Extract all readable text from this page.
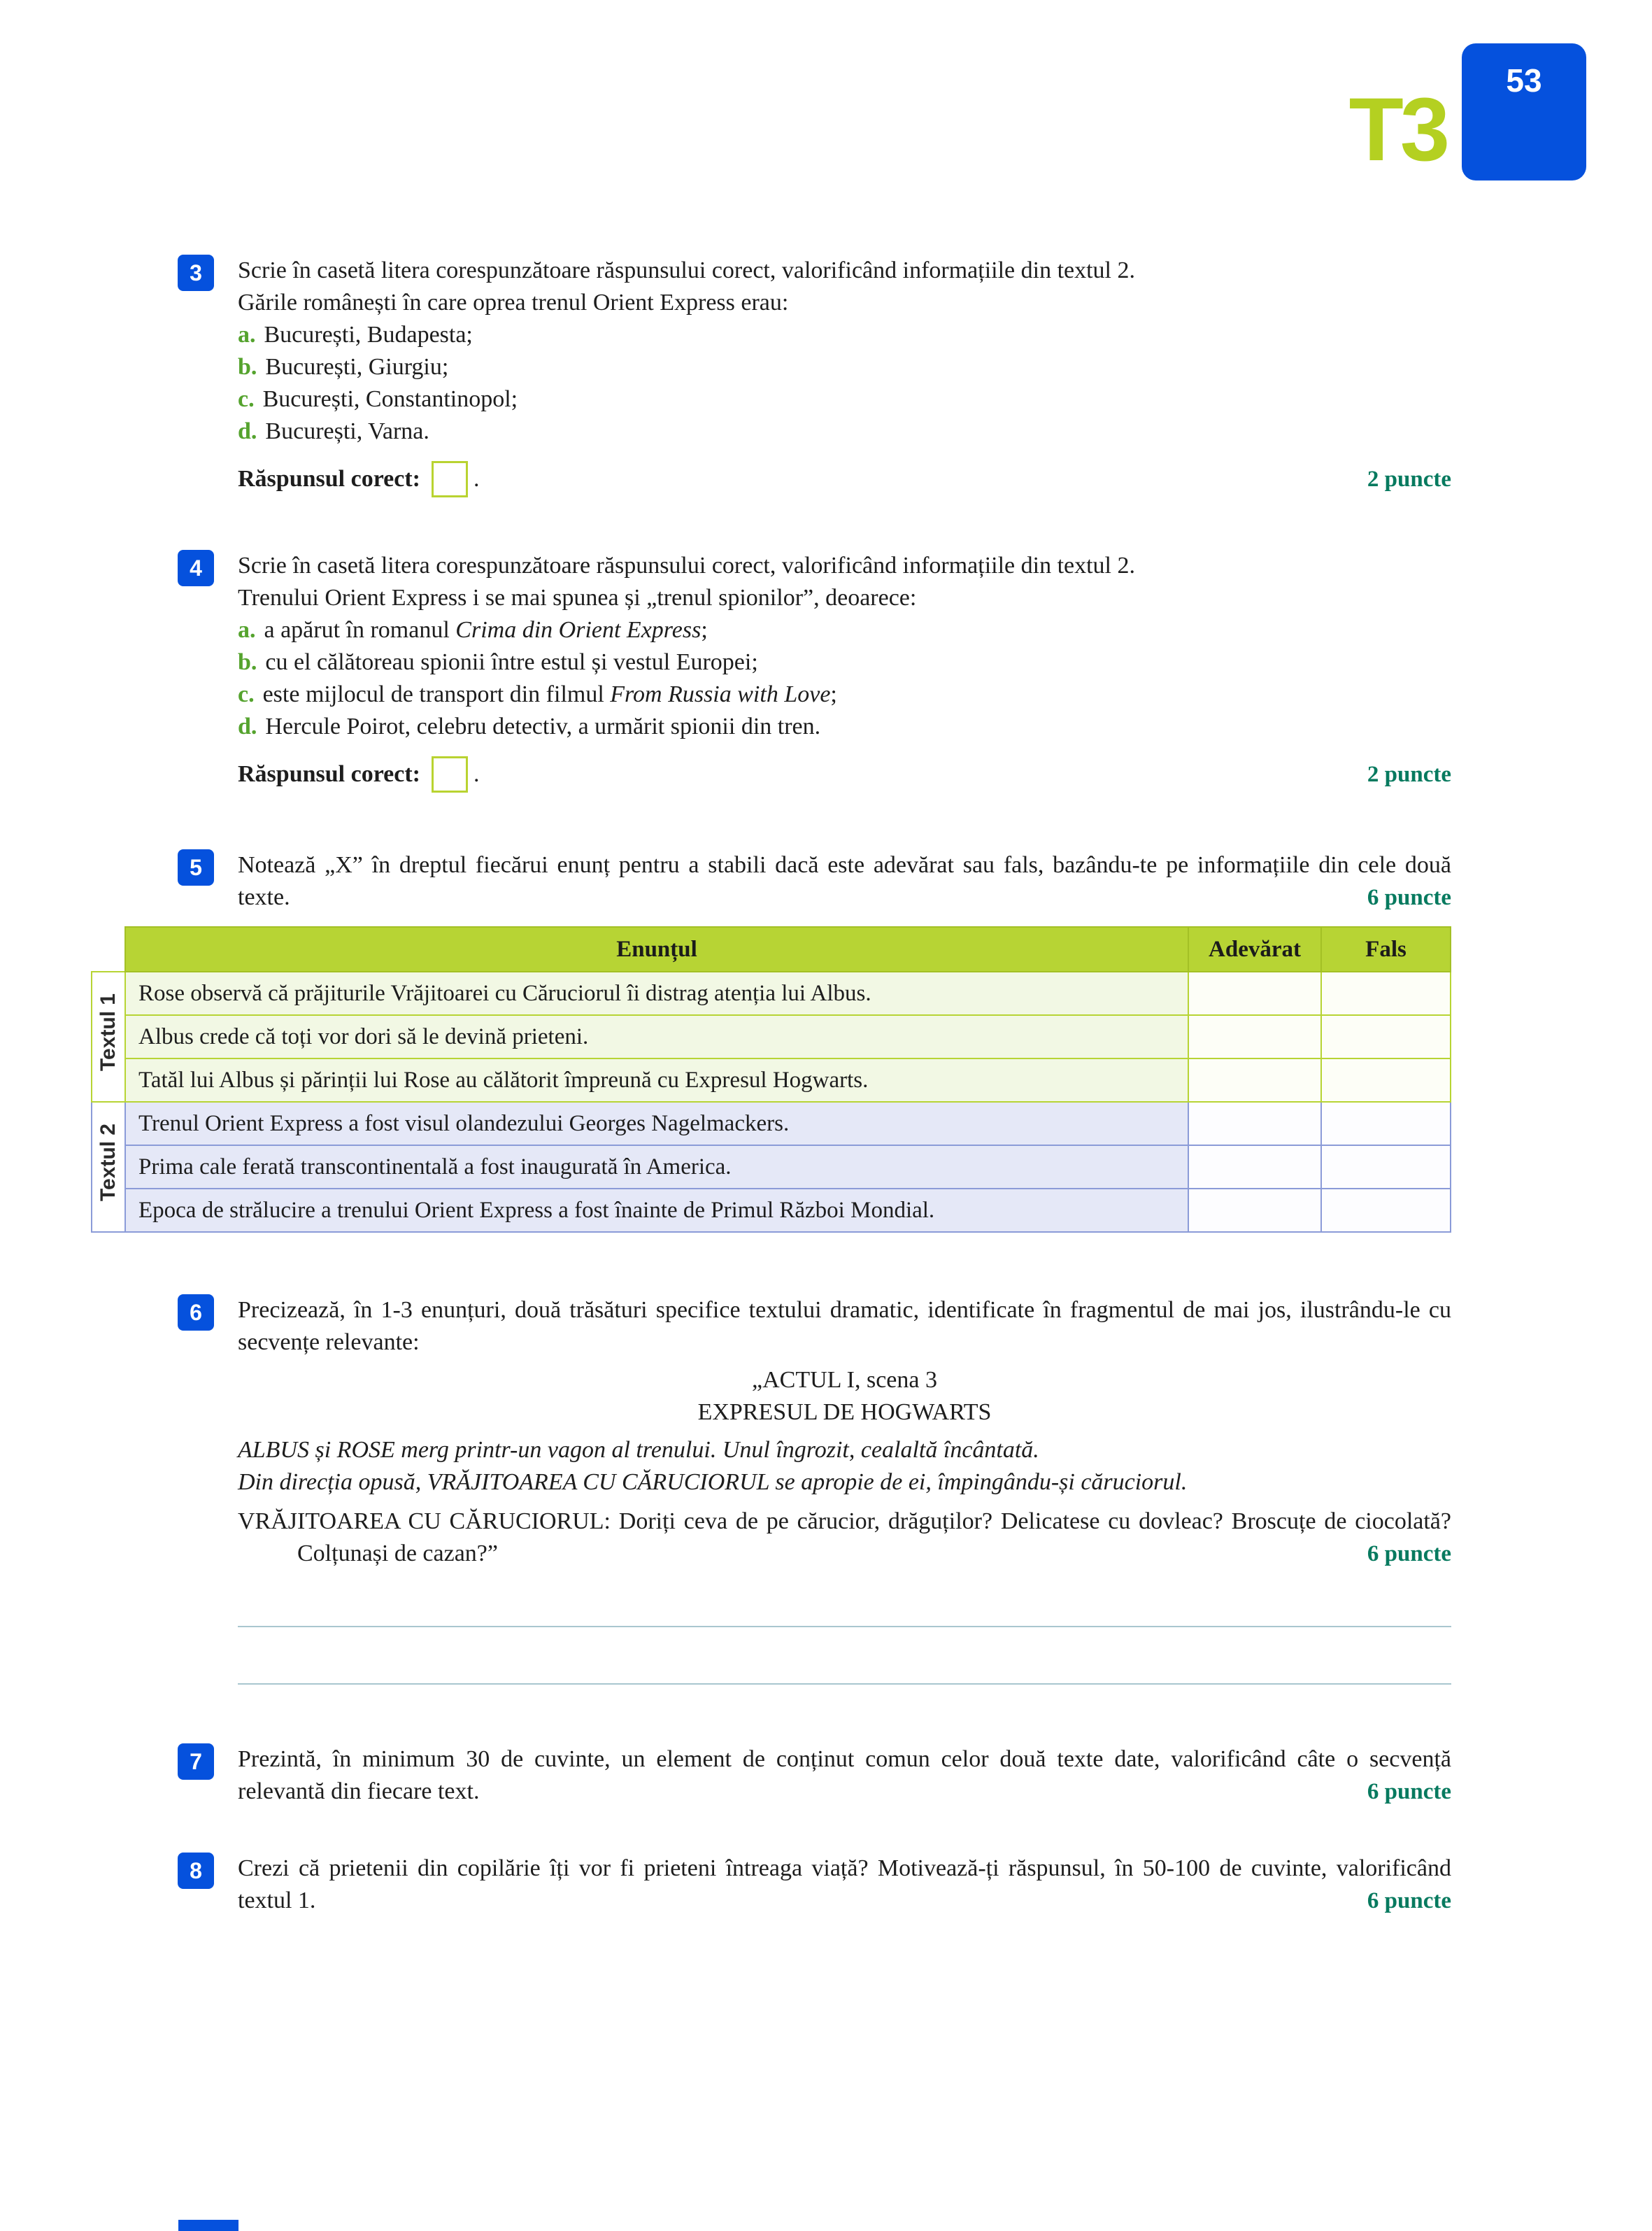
T3	53
3	Scrie în casetă litera corespunzătoare răspunsului corect, valorificând informațiile din textul 2.

Gările românești în care oprea trenul Orient Express erau:

a. București, Budapesta;

b. București, Giurgiu;

c. București, Constantinopol;

d. București, Varna.

Răspunsul corect: .	2 puncte
4	Scrie în casetă litera corespunzătoare răspunsului corect, valorificând informațiile din textul 2.

Trenului Orient Express i se mai spunea și „trenul spionilor”, deoarece:

a. a apărut în romanul Crima din Orient Express;

b. cu el călătoreau spionii între estul și vestul Europei;

c. este mijlocul de transport din filmul From Russia with Love;

d. Hercule Poirot, celebru detectiv, a urmărit spionii din tren.

Răspunsul corect: .	2 puncte
5	Notează „X” în dreptul fiecărui enunț pentru a stabili dacă este adevărat sau fals, bazându-te pe informațiile din cele două texte.	6 puncte
	Enunțul	Adevărat	Fals
Textul 1	Rose observă că prăjiturile Vrăjitoarei cu Căruciorul îi distrag atenția lui Albus.		
	Albus crede că toți vor dori să le devină prieteni.		
	Tatăl lui Albus și părinții lui Rose au călătorit împreună cu Expresul Hogwarts.		
Textul 2	Trenul Orient Express a fost visul olandezului Georges Nagelmackers.		
	Prima cale ferată transcontinentală a fost inaugurată în America.		
	Epoca de strălucire a trenului Orient Express a fost înainte de Primul Război Mondial.		
6	Precizează, în 1-3 enunțuri, două trăsături specifice textului dramatic, identificate în fragmentul de mai jos, ilustrându-le cu secvențe relevante:

„ACTUL I, scena 3

EXPRESUL DE HOGWARTS

ALBUS și ROSE merg printr-un vagon al trenului. Unul îngrozit, cealaltă încântată.

Din direcția opusă, VRĂJITOAREA CU CĂRUCIORUL se apropie de ei, împingându-și căruciorul.

VRĂJITOAREA CU CĂRUCIORUL: Doriți ceva de pe cărucior, drăguților? Delicatese cu dovleac? Broscuțe de ciocolată? Colțunași de cazan?”	6 puncte
7	Prezintă, în minimum 30 de cuvinte, un element de conținut comun celor două texte date, valorificând câte o secvență relevantă din fiecare text.	6 puncte
8	Crezi că prietenii din copilărie îți vor fi prieteni întreaga viață? Motivează-ți răspunsul, în 50-100 de cuvinte, valorificând textul 1.	6 puncte
